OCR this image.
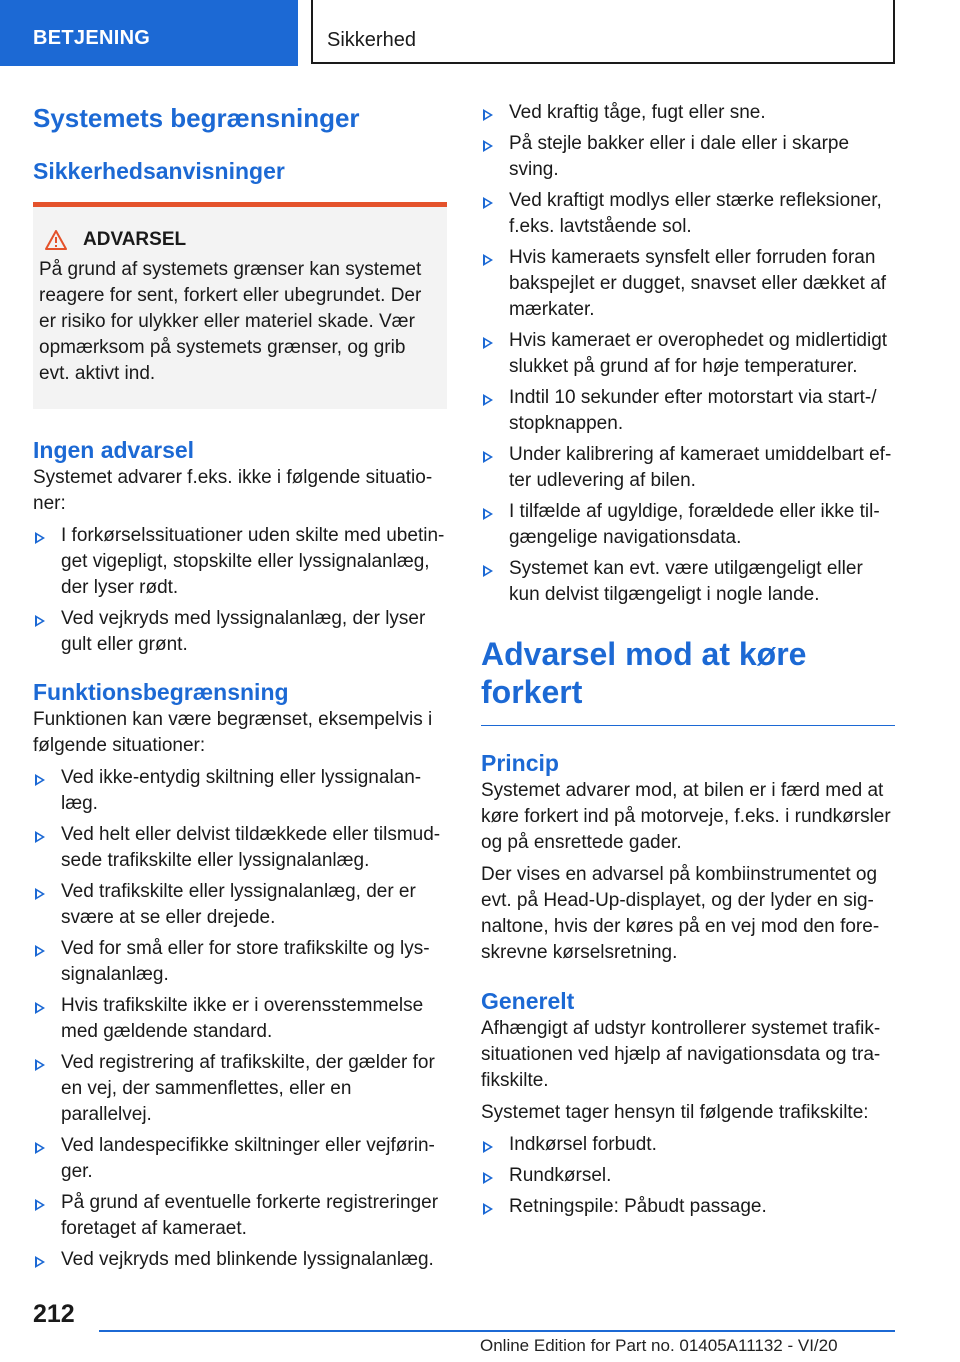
BETJENING	Sikkerhed
Systemets begrænsninger
Sikkerhedsanvisninger
ADVARSEL

På grund af systemets grænser kan systemet reagere for sent, forkert eller ubegrundet. Der er risiko for ulykker eller materiel skade. Vær opmærksom på systemets grænser, og grib evt. aktivt ind.

Ingen advarsel

Systemet advarer f.eks. ikke i følgende situatio-ner:

I forkørselssituationer uden skilte med ubetin-get vigepligt, stopskilte eller lyssignalanlæg, der lyser rødt.
Ved vejkryds med lyssignalanlæg, der lyser gult eller grønt.
Funktionsbegrænsning

Funktionen kan være begrænset, eksempelvis i følgende situationer:

Ved ikke-entydig skiltning eller lyssignalan-læg.
Ved helt eller delvist tildækkede eller tilsmud-sede trafikskilte eller lyssignalanlæg.
Ved trafikskilte eller lyssignalanlæg, der er svære at se eller drejede.
Ved for små eller for store trafikskilte og lys-signalanlæg.
Hvis trafikskilte ikke er i overensstemmelse med gældende standard.
Ved registrering af trafikskilte, der gælder for en vej, der sammenflettes, eller en parallelvej.
Ved landespecifikke skiltninger eller vejførin-ger.
På grund af eventuelle forkerte registreringer foretaget af kameraet.
Ved vejkryds med blinkende lyssignalanlæg.
Ved kraftig tåge, fugt eller sne.
På stejle bakker eller i dale eller i skarpe sving.
Ved kraftigt modlys eller stærke refleksioner, f.eks. lavtstående sol.
Hvis kameraets synsfelt eller forruden foran bakspejlet er dugget, snavset eller dækket af mærkater.
Hvis kameraet er overophedet og midlertidigt slukket på grund af for høje temperaturer.
Indtil 10 sekunder efter motorstart via start-/ stopknappen.
Under kalibrering af kameraet umiddelbart ef-ter udlevering af bilen.
I tilfælde af ugyldige, forældede eller ikke til-gængelige navigationsdata.
Systemet kan evt. være utilgængeligt eller kun delvist tilgængeligt i nogle lande.
Advarsel mod at køre forkert
Princip

Systemet advarer mod, at bilen er i færd med at køre forkert ind på motorveje, f.eks. i rundkørsler og på ensrettede gader.

Der vises en advarsel på kombiinstrumentet og evt. på Head-Up-displayet, og der lyder en sig-naltone, hvis der køres på en vej mod den fore-skrevne kørselsretning.

Generelt

Afhængigt af udstyr kontrollerer systemet trafik-situationen ved hjælp af navigationsdata og tra-fikskilte.

Systemet tager hensyn til følgende trafikskilte:

Indkørsel forbudt.
Rundkørsel.
Retningspile: Påbudt passage.
212
Online Edition for Part no. 01405A11132 - VI/20
